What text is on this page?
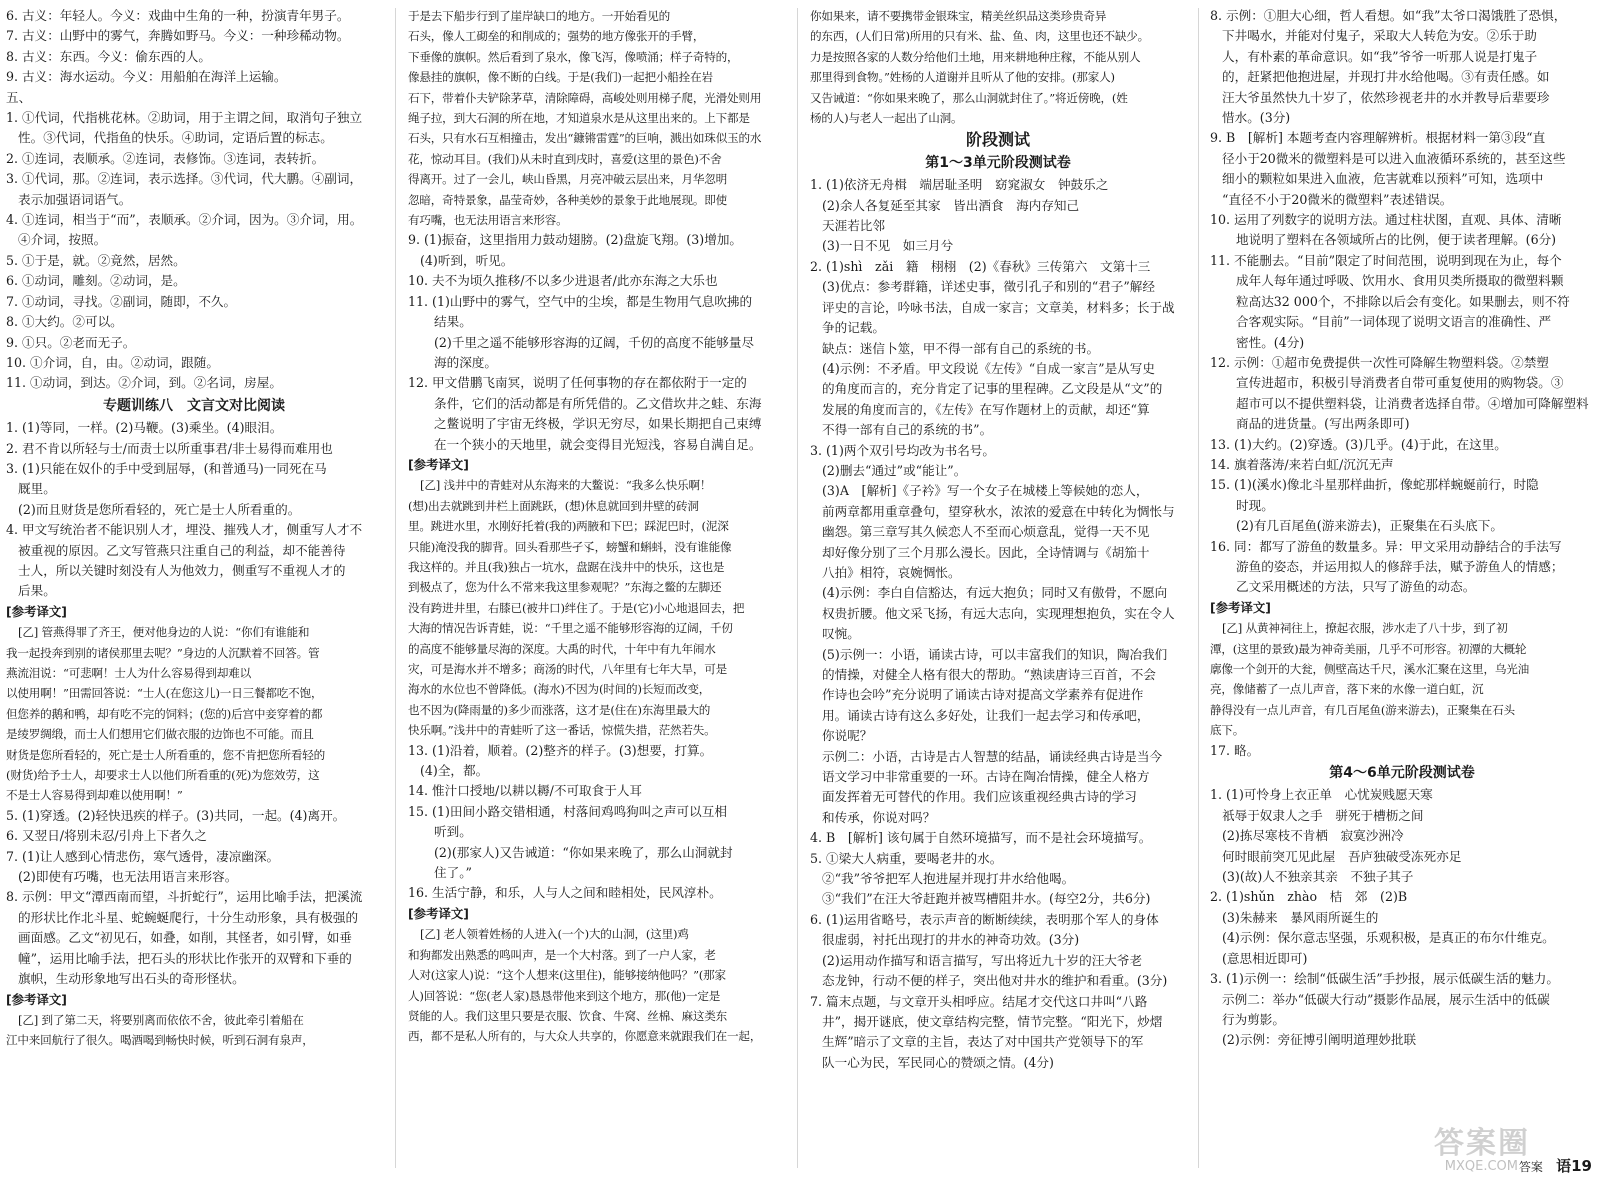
6. 古义：年轻人。今义：戏曲中生角的一种，扮演青年男子。
7. 古义：山野中的雾气，奔腾如野马。今义：一种珍稀动物。
8. 古义：东西。今义：偷东西的人。
9. 古义：海水运动。今义：用船舶在海洋上运输。
五、
1. ①代词，代指桃花林。②助词，用于主谓之间，取消句子独立
性。③代词，代指鱼的快乐。④助词，定语后置的标志。
2. ①连词，表顺承。②连词，表修饰。③连词，表转折。
3. ①代词，那。②连词，表示选择。③代词，代大鹏。④副词，
表示加强语词语气。
4. ①连词，相当于“而”，表顺承。②介词，因为。③介词，用。
④介词，按照。
5. ①于是，就。②竟然，居然。
6. ①动词，雕刻。②动词，是。
7. ①动词，寻找。②副词，随即，不久。
8. ①大约。②可以。
9. ①只。②老而无子。
10. ①介词，自，由。②动词，跟随。
11. ①动词，到达。②介词，到。②名词，房屋。
专题训练八　文言文对比阅读
1. (1)等同，一样。(2)马鞭。(3)乘坐。(4)眼泪。
2. 君不肯以所轻与士/而责士以所重事君/非士易得而难用也
3. (1)只能在奴仆的手中受到屈辱，(和普通马)一同死在马
厩里。
(2)而且财货是您所看轻的，死亡是士人所看重的。
4. 甲文写统治者不能识别人才，埋没、摧残人才，侧重写人才不
被重视的原因。乙文写管燕只注重自己的利益，却不能善待
士人，所以关键时刻没有人为他效力，侧重写不重视人才的
后果。
[参考译文]
[乙] 管燕得罪了齐王，便对他身边的人说：“你们有谁能和
我一起投奔到别的诸侯那里去呢？”身边的人沉默着不回答。管
燕流泪说：“可悲啊！士人为什么容易得到却难以
以使用啊！”田需回答说：“士人(在您这儿)一日三餐都吃不饱，
但您养的鹅和鸭，却有吃不完的饲料；(您的)后宫中妾穿着的都
是绫罗绸缎，而士人们想用它们做衣服的边饰也不可能。而且
财货是您所看轻的，死亡是士人所看重的，您不肯把您所看轻的
(财货)给予士人，却要求士人以他们所看重的(死)为您效劳，这
不是士人容易得到却难以使用啊！”
5. (1)穿透。(2)轻快迅疾的样子。(3)共同，一起。(4)离开。
6. 又翌日/将别未忍/引舟上下者久之
7. (1)让人感到心情悲伤，寒气透骨，凄凉幽深。
(2)即使有巧嘴，也无法用语言来形容。
8. 示例：甲文“潭西南而望，斗折蛇行”，运用比喻手法，把溪流
的形状比作北斗星、蛇蜿蜒爬行，十分生动形象，具有极强的
画面感。乙文“初见石，如叠，如削，其怪者，如引臂，如垂
幢”，运用比喻手法，把石头的形状比作张开的双臂和下垂的
旗帜，生动形象地写出石头的奇形怪状。
[参考译文]
[乙] 到了第二天，将要别离而依依不舍，彼此牵引着船在
江中来回航行了很久。喝酒喝到畅快时候，听到石洞有泉声，
于是去下船步行到了崖岸缺口的地方。一开始看见的
石头，像人工砌垒的和削成的；强势的地方像张开的手臂，
下垂像的旗帜。然后看到了泉水，像飞泻，像喷涌；样子奇特的，
像悬挂的旗帜，像不断的白线。于是(我们)一起把小船拴在岩
石下，带着仆夫铲除茅草，清除障碍，高峻处则用梯子爬，光滑处则用
绳子拉，到大石洞的所在地，才知道泉水是从这里出来的。上下都是
石头，只有水石互相撞击，发出“鏮锵雷霆”的巨响，溅出如珠似玉的水
花，惊动耳目。(我们)从未时直到戌时，喜爱(这里的景色)不舍
得离开。过了一会儿，峡山昏黑，月亮冲破云层出来，月华忽明
忽暗，奇特景象，晶莹奇妙，各种美妙的景象于此地展现。即使
有巧嘴，也无法用语言来形容。
9. (1)振奋，这里指用力鼓动翅膀。(2)盘旋飞翔。(3)增加。
(4)听到，听见。
10. 夫不为顷久推移/不以多少进退者/此亦东海之大乐也
11. (1)山野中的雾气，空气中的尘埃，都是生物用气息吹拂的
结果。
(2)千里之遥不能够形容海的辽阔，千仞的高度不能够量尽
海的深度。
12. 甲文借鹏飞南冥，说明了任何事物的存在都依附于一定的
条件，它们的活动都是有所凭借的。乙文借坎井之蛙、东海
之鳖说明了宇宙无终极，学识无穷尽，如果长期把自己束缚
在一个狭小的天地里，就会变得目光短浅，容易自满自足。
[参考译文]
[乙] 浅井中的青蛙对从东海来的大鳖说：“我多么快乐啊！
(想)出去就跳到井栏上面跳跃，(想)休息就回到井壁的砖洞
里。跳进水里，水刚好托着(我的)两腋和下巴；踩泥巴时，(泥深
只能)淹没我的脚背。回头看那些孑孓，螃蟹和蝌蚪，没有谁能像
我这样的。并且(我)独占一坑水，盘踞在浅井中的快乐，这也是
到极点了，您为什么不常来我这里参观呢？”东海之鳖的左脚还
没有跨进井里，右膝已(被井口)绊住了。于是(它)小心地退回去，把
大海的情况告诉青蛙，说：“千里之遥不能够形容海的辽阔，千仞
的高度不能够量尽海的深度。大禹的时代，十年中有九年闹水
灾，可是海水并不增多；商汤的时代，八年里有七年大旱，可是
海水的水位也不曾降低。(海水)不因为(时间的)长短而改变，
也不因为(降雨量的)多少而涨落，这才是(住在)东海里最大的
快乐啊。”浅井中的青蛙听了这一番话，惊慌失措，茫然若失。
13. (1)沿着，顺着。(2)整齐的样子。(3)想要，打算。
(4)全，都。
14. 惟汁口授地/以耕以耨/不可取食于人耳
15. (1)田间小路交错相通，村落间鸡鸣狗叫之声可以互相
听到。
(2)(那家人)又告诫道：“你如果来晚了，那么山洞就封
住了。”
16. 生活宁静，和乐，人与人之间和睦相处，民风淳朴。
[参考译文]
[乙] 老人领着姓杨的人进入(一个)大的山洞，(这里)鸡
和狗都发出熟悉的鸣叫声，是一个大村落。到了一户人家，老
人对(这家人)说：“这个人想来(这里住)，能够接纳他吗？”(那家
人)回答说：“您(老人家)恳恳带他来到这个地方，那(他)一定是
贤能的人。我们这里只要是衣服、饮食、牛窝、丝棉、麻这类东
西，都不是私人所有的，与大众人共享的，你愿意来就跟我们在一起，
你如果来，请不要携带金银珠宝，精美丝织品这类珍贵奇异
的东西，(人们日常)所用的只有米、盐、鱼、肉，这里也还不缺少。
力是按照各家的人数分给他们土地，用来耕地种庄稼，不能从别人
那里得到食物。”姓杨的人道谢并且听从了他的安排。(那家人)
又告诫道：“你如果来晚了，那么山洞就封住了。”将近傍晚，(姓
杨的人)与老人一起出了山洞。
阶段测试
第1～3单元阶段测试卷
1. (1)依济无舟楫　端居耻圣明　窈窕淑女　钟鼓乐之
(2)余人各复延至其家　皆出酒食　海内存知己
天涯若比邻
(3)一日不见　如三月兮
2. (1)shì　zǎi　籍　栩栩　(2)《春秋》三传第六　文第十三
(3)优点：参考群籍，详述史事，徵引孔子和别的“君子”解经
评史的言论，吟咏书法，自成一家言；文章美，材料多；长于战
争的记载。
缺点：迷信卜筮，甲不得一部有自己的系统的书。
(4)示例：不矛盾。甲文段说《左传》“自成一家言”是从写史
的角度而言的，充分肯定了记事的里程碑。乙文段是从“文”的
发展的角度而言的，《左传》在写作题材上的贡献，却还“算
不得一部有自己的系统的书”。
3. (1)两个双引号均改为书名号。
(2)删去“通过”或“能让”。
(3)A　[解析]《子衿》写一个女子在城楼上等候她的恋人，
前两章都用重章叠句，望穿秋水，浓浓的爱意在中转化为惆怅与
幽怨。第三章写其久候恋人不至而心烦意乱，觉得一天不见
却好像分别了三个月那么漫长。因此，全诗情调与《胡笳十
八拍》相符，哀婉惆怅。
(4)示例：李白自信豁达，有远大抱负；同时又有傲骨，不愿向
权贵折腰。他文采飞扬，有远大志向，实现理想抱负，实在令人
叹惋。
(5)示例一：小语，诵读古诗，可以丰富我们的知识，陶冶我们
的情操，对健全人格有很大的帮助。“熟读唐诗三百首，不会
作诗也会吟”充分说明了诵读古诗对提高文学素养有促进作
用。诵读古诗有这么多好处，让我们一起去学习和传承吧，
你说呢？
示例二：小语，古诗是古人智慧的结晶，诵读经典古诗是当今
语文学习中非常重要的一环。古诗在陶冶情操，健全人格方
面发挥着无可替代的作用。我们应该重视经典古诗的学习
和传承，你说对吗？
4. B　[解析] 该句属于自然环境描写，而不是社会环境描写。
5. ①梁大人病重，要喝老井的水。
②“我”爷爷把军人抱进屋并现打井水给他喝。
③“我们”在汪大爷赶跑并被骂槽阻井水。(每空2分，共6分)
6. (1)运用省略号，表示声音的断断续续，表明那个军人的身体
很虚弱，衬托出现打的井水的神奇功效。(3分)
(2)运用动作描写和语言描写，写出将近九十岁的汪大爷老
态龙钟，行动不便的样子，突出他对井水的维护和看重。(3分)
7. 篇末点题，与文章开头相呼应。结尾才交代这口井叫“八路
井”，揭开谜底，使文章结构完整，情节完整。“阳光下，炒熠
生辉”暗示了文章的主旨，表达了对中国共产党领导下的军
队一心为民，军民同心的赞颂之情。(4分)
8. 示例：①胆大心细，哲人看想。如“我”太爷口渴饿胜了恐惧，
下井喝水，并能对付鬼子，采取大人转危为安。②乐于助
人，有朴素的革命意识。如“我”爷爷一听那人说是打鬼子
的，赶紧把他抱进屋，并现打井水给他喝。③有责任感。如
汪大爷虽然快九十岁了，依然珍视老井的水并教导后辈要珍
惜水。(3分)
9. B　[解析] 本题考查内容理解辨析。根据材料一第③段“直
径小于20微米的微塑料是可以进入血液循环系统的，甚至这些
细小的颗粒如果进入血液，危害就难以预料”可知，选项中
“直径不小于20微米的微塑料”表述错误。
10. 运用了列数字的说明方法。通过柱状图，直观、具体、清晰
地说明了塑料在各领域所占的比例，便于读者理解。(6分)
11. 不能删去。“目前”限定了时间范围，说明到现在为止，每个
成年人每年通过呼吸、饮用水、食用贝类所摄取的微塑料颗
粒高达32 000个，不排除以后会有变化。如果删去，则不符
合客观实际。“目前”一词体现了说明文语言的准确性、严
密性。(4分)
12. 示例：①超市免费提供一次性可降解生物塑料袋。②禁塑
宣传进超市，积极引导消费者自带可重复使用的购物袋。③
超市可以不提供塑料袋，让消费者选择自带。④增加可降解塑料
商品的进货量。(写出两条即可)
13. (1)大约。(2)穿透。(3)几乎。(4)于此，在这里。
14. 旗着落涛/来若白虹/沉沉无声
15. (1)(溪水)像北斗星那样曲折，像蛇那样蜿蜒前行，时隐
时现。
(2)有几百尾鱼(游来游去)，正聚集在石头底下。
16. 同：都写了游鱼的数量多。异：甲文采用动静结合的手法写
游鱼的姿态，并运用拟人的修辞手法，赋予游鱼人的情感；
乙文采用概述的方法，只写了游鱼的动态。
[参考译文]
[乙] 从黄神祠往上，撩起衣服，涉水走了八十步，到了初
潭，(这里的景致)最为神奇美丽，几乎不可形容。初潭的大概轮
廓像一个剑开的大瓮，侧壁高达千尺，溪水汇聚在这里，乌光油
亮，像储蓄了一点儿声音，落下来的水像一道白虹，沉
静得没有一点儿声音，有几百尾鱼(游来游去)，正聚集在石头
底下。
17. 略。
第4～6单元阶段测试卷
1. (1)可怜身上衣正单　心忧炭贱愿天寒
祇辱于奴隶人之手　骈死于槽枥之间
(2)拣尽寒枝不肯栖　寂寞沙洲冷
何时眼前突兀见此屋　吾庐独破受冻死亦足
(3)(故)人不独亲其亲　不独子其子
2. (1)shǔn　zhào　桔　郊　(2)B
(3)朱赫来　暴风雨所诞生的
(4)示例：保尔意志坚强，乐观积极，是真正的布尔什维克。
(意思相近即可)
3. (1)示例一：绘制“低碳生活”手抄报，展示低碳生活的魅力。
示例二：举办“低碳大行动”摄影作品展，展示生活中的低碳
行为剪影。
(2)示例：旁征博引阐明道理妙批联
答案圈
MXQE.COM 答案 语19
